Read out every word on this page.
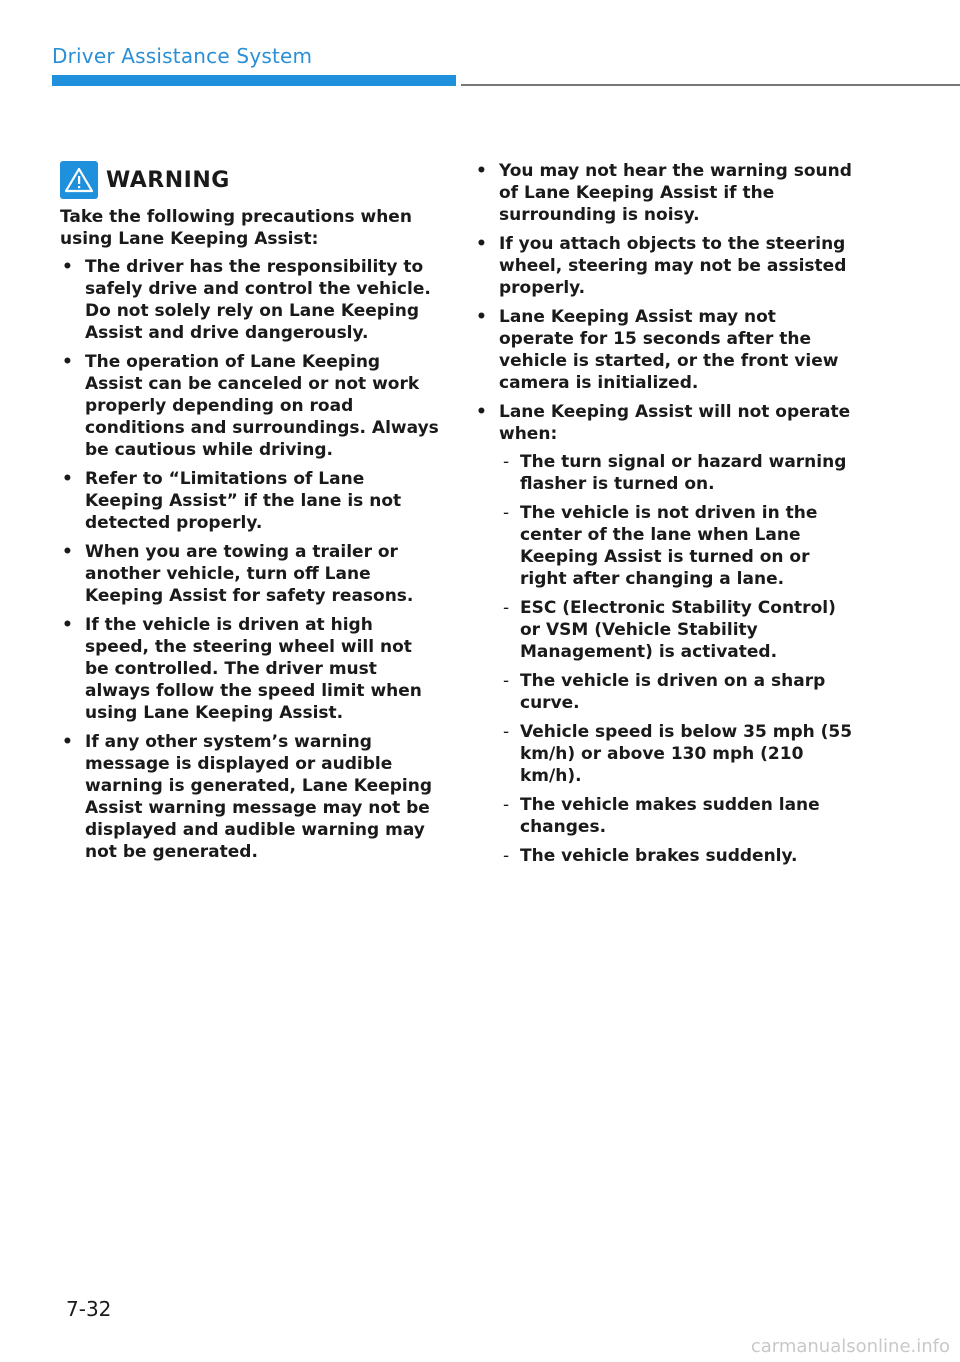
Driver Assistance System
WARNING
Take the following precautions when using Lane Keeping Assist:
• The driver has the responsibility to safely drive and control the vehicle. Do not solely rely on Lane Keeping Assist and drive dangerously.
• The operation of Lane Keeping Assist can be canceled or not work properly depending on road conditions and surroundings. Always be cautious while driving.
• Refer to “Limitations of Lane Keeping Assist” if the lane is not detected properly.
• When you are towing a trailer or another vehicle, turn off Lane Keeping Assist for safety reasons.
• If the vehicle is driven at high speed, the steering wheel will not be controlled. The driver must always follow the speed limit when using Lane Keeping Assist.
• If any other system’s warning message is displayed or audible warning is generated, Lane Keeping Assist warning message may not be displayed and audible warning may not be generated.
• You may not hear the warning sound of Lane Keeping Assist if the surrounding is noisy.
• If you attach objects to the steering wheel, steering may not be assisted properly.
• Lane Keeping Assist may not operate for 15 seconds after the vehicle is started, or the front view camera is initialized.
• Lane Keeping Assist will not operate when:
- The turn signal or hazard warning flasher is turned on.
- The vehicle is not driven in the center of the lane when Lane Keeping Assist is turned on or right after changing a lane.
- ESC (Electronic Stability Control) or VSM (Vehicle Stability Management) is activated.
- The vehicle is driven on a sharp curve.
- Vehicle speed is below 35 mph (55 km/h) or above 130 mph (210 km/h).
- The vehicle makes sudden lane changes.
- The vehicle brakes suddenly.
7-32
carmanualsonline.info
